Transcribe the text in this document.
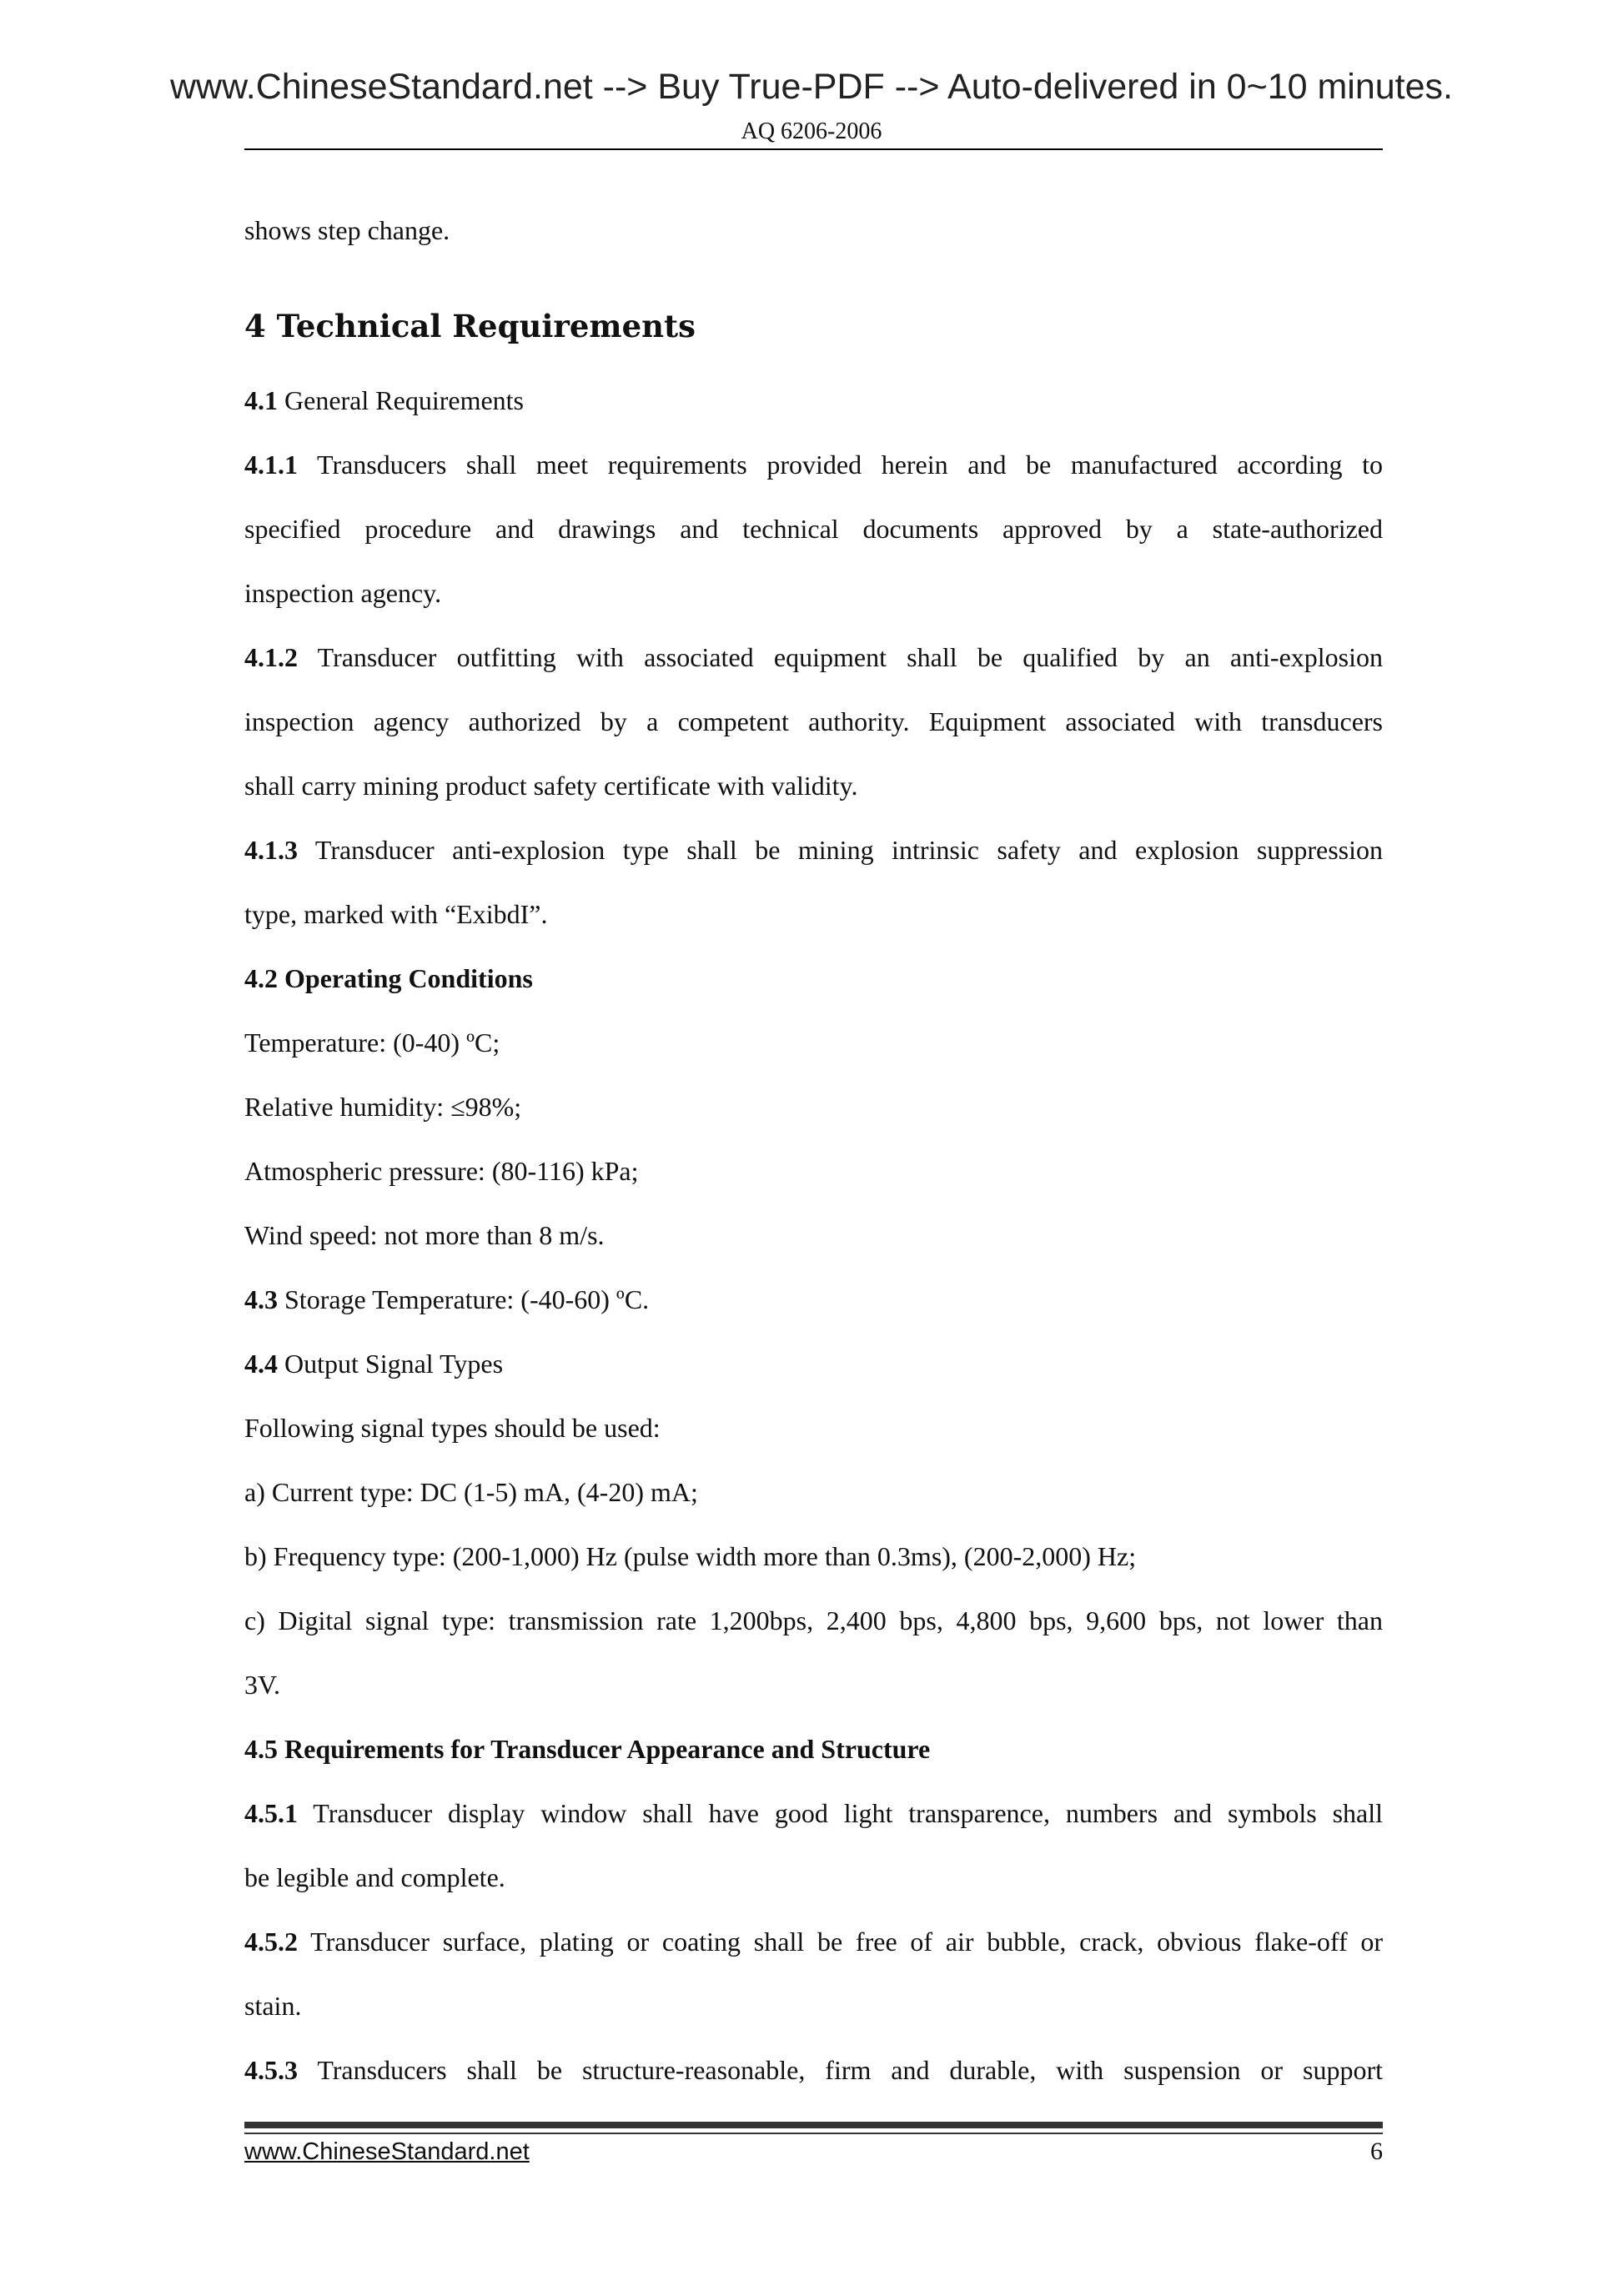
www.ChineseStandard.net --> Buy True-PDF --> Auto-delivered in 0~10 minutes.
AQ 6206-2006
shows step change.
4 Technical Requirements
4.1 General Requirements
4.1.1 Transducers shall meet requirements provided herein and be manufactured according to
specified procedure and drawings and technical documents approved by a state-authorized
inspection agency.
4.1.2 Transducer outfitting with associated equipment shall be qualified by an anti-explosion
inspection agency authorized by a competent authority. Equipment associated with transducers
shall carry mining product safety certificate with validity.
4.1.3 Transducer anti-explosion type shall be mining intrinsic safety and explosion suppression
type, marked with “ExibdI”.
4.2 Operating Conditions
Temperature: (0-40) ºC;
Relative humidity: ≤98%;
Atmospheric pressure: (80-116) kPa;
Wind speed: not more than 8 m/s.
4.3 Storage Temperature: (-40-60) ºC.
4.4 Output Signal Types
Following signal types should be used:
a) Current type: DC (1-5) mA, (4-20) mA;
b) Frequency type: (200-1,000) Hz (pulse width more than 0.3ms), (200-2,000) Hz;
c) Digital signal type: transmission rate 1,200bps, 2,400 bps, 4,800 bps, 9,600 bps, not lower than
3V.
4.5 Requirements for Transducer Appearance and Structure
4.5.1 Transducer display window shall have good light transparence, numbers and symbols shall
be legible and complete.
4.5.2 Transducer surface, plating or coating shall be free of air bubble, crack, obvious flake-off or
stain.
4.5.3 Transducers shall be structure-reasonable, firm and durable, with suspension or support
www.ChineseStandard.net	6
